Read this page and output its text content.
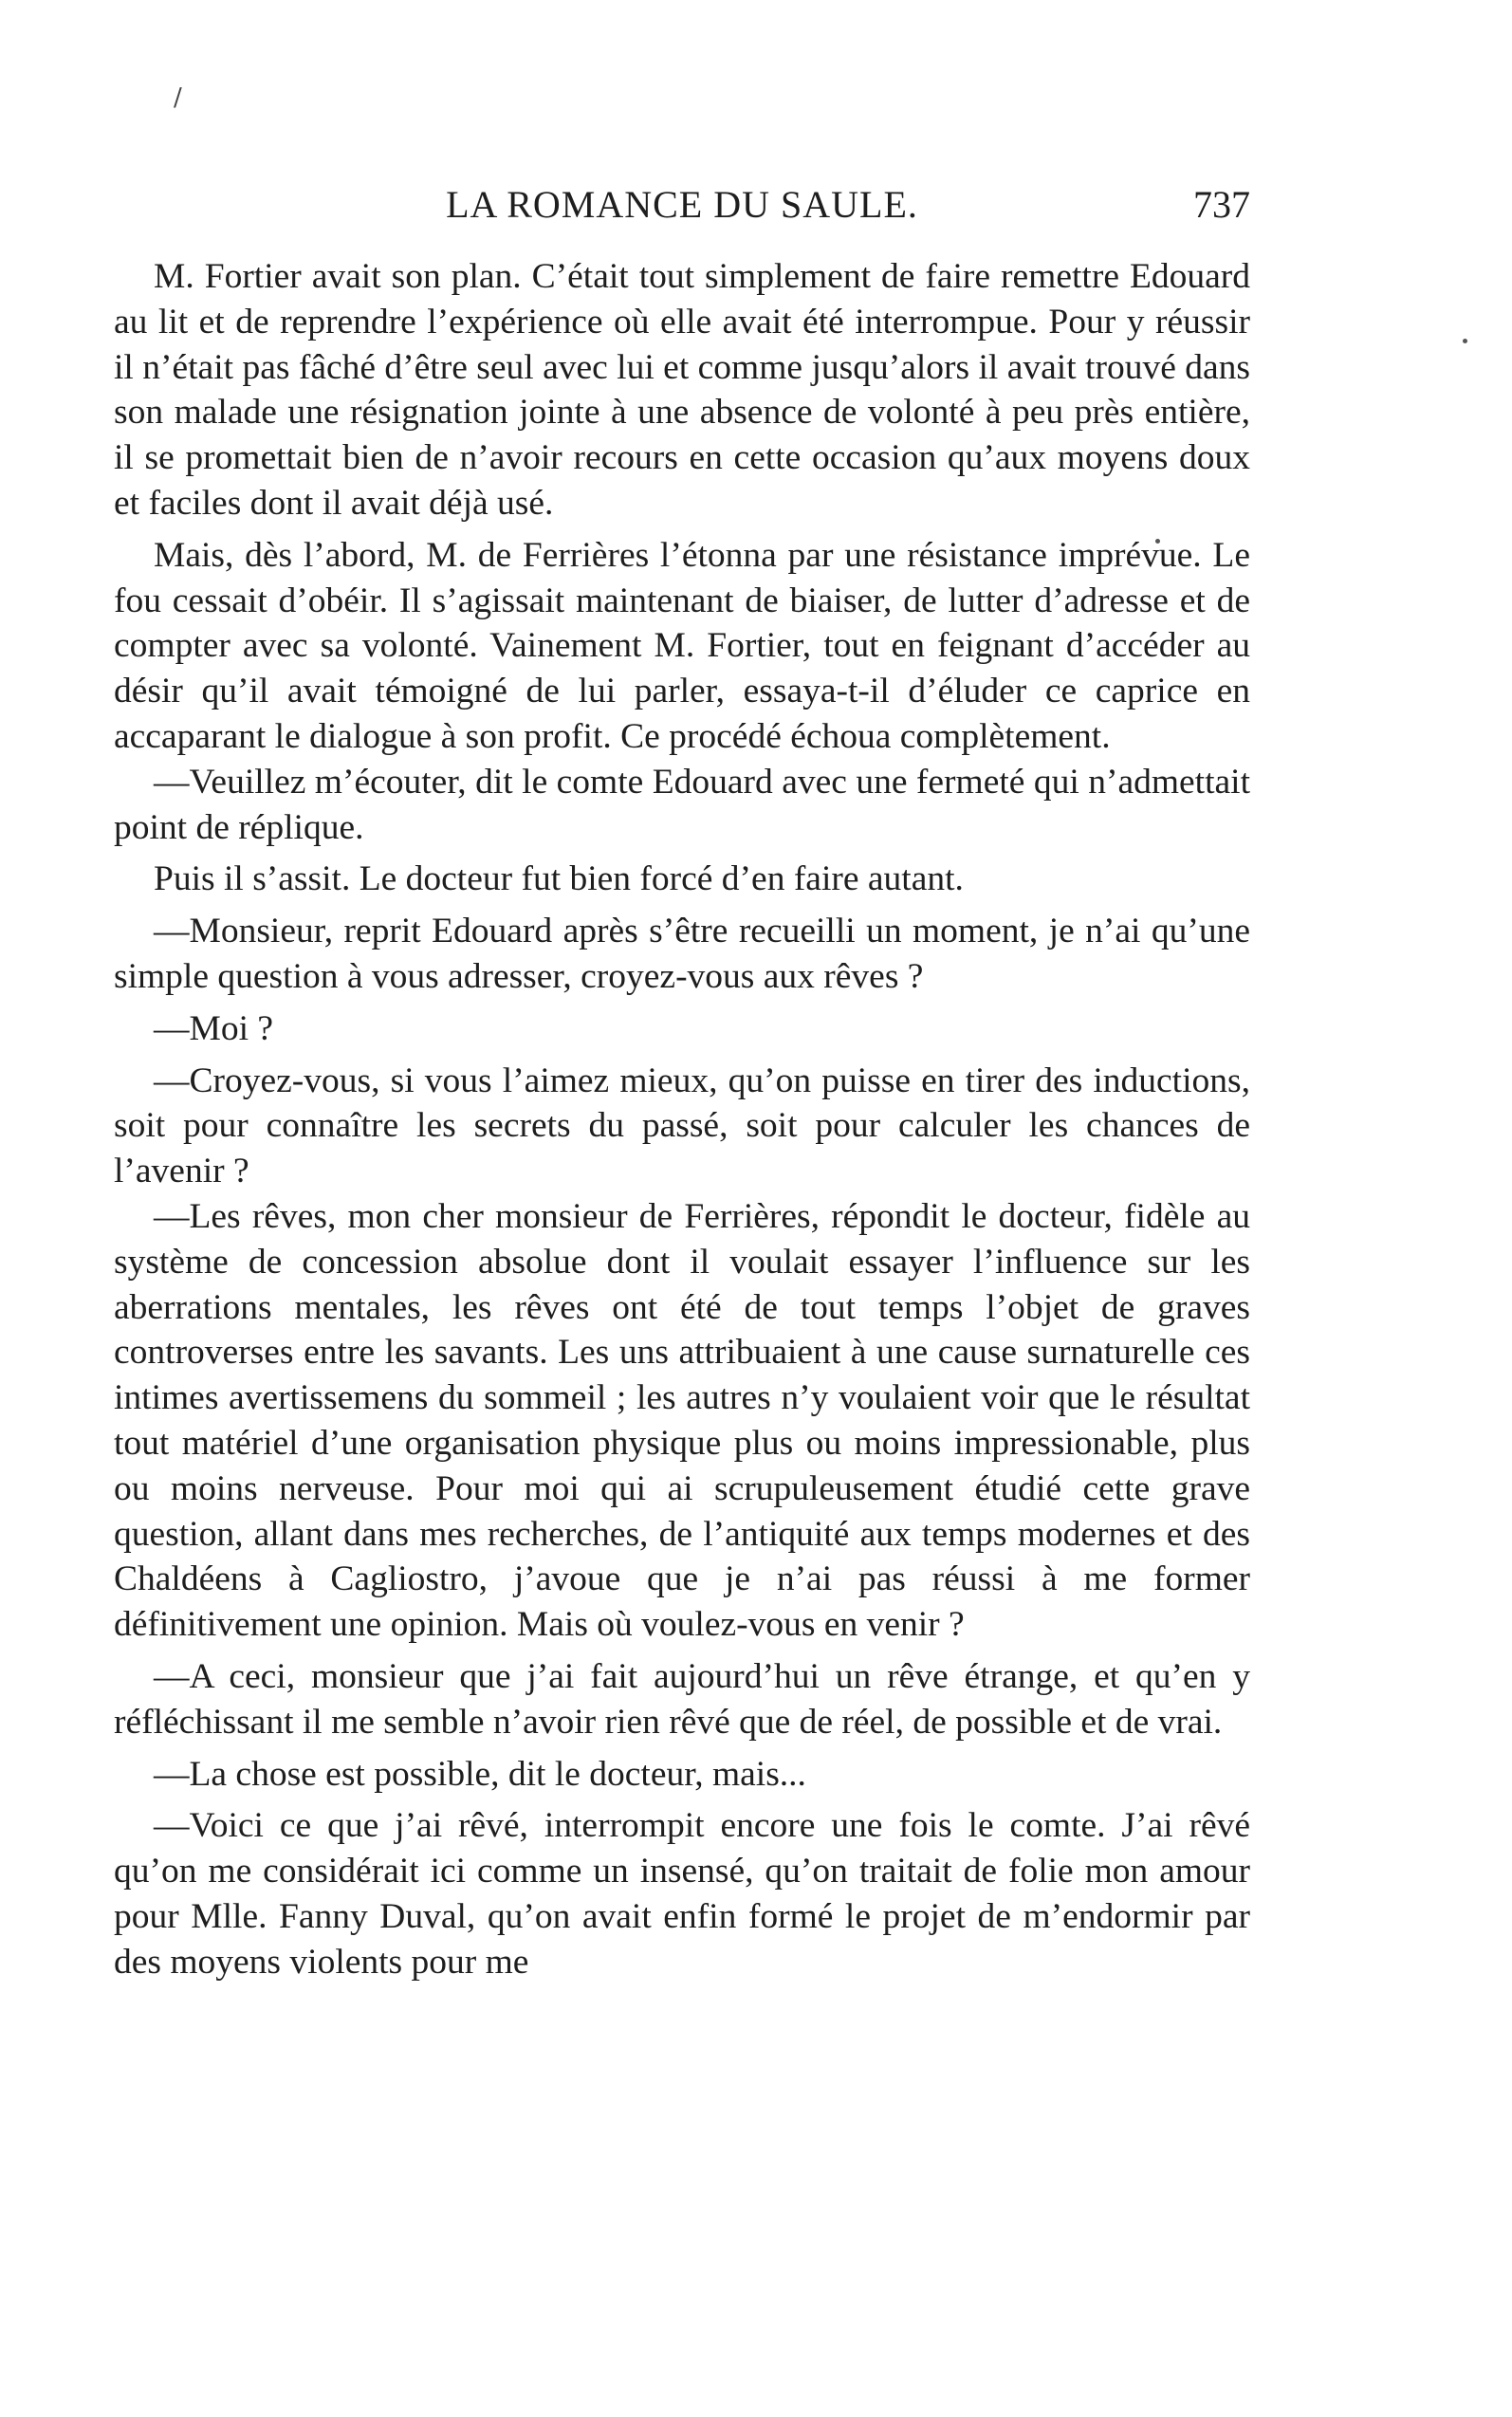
/
LA ROMANCE DU SAULE.	737

M. Fortier avait son plan. C’était tout simplement de faire remettre Edouard au lit et de reprendre l’expérience où elle avait été interrompue. Pour y réussir il n’était pas fâché d’être seul avec lui et comme jusqu’alors il avait trouvé dans son malade une résignation jointe à une absence de volonté à peu près entière, il se promettait bien de n’avoir recours en cette occasion qu’aux moyens doux et faciles dont il avait déjà usé.

Mais, dès l’abord, M. de Ferrières l’étonna par une résistance imprévue. Le fou cessait d’obéir. Il s’agissait maintenant de biaiser, de lutter d’adresse et de compter avec sa volonté. Vainement M. Fortier, tout en feignant d’accéder au désir qu’il avait témoigné de lui parler, essaya-t-il d’éluder ce caprice en accaparant le dialogue à son profit. Ce procédé échoua complètement.

—Veuillez m’écouter, dit le comte Edouard avec une fermeté qui n’admettait point de réplique.

Puis il s’assit. Le docteur fut bien forcé d’en faire autant.

—Monsieur, reprit Edouard après s’être recueilli un moment, je n’ai qu’une simple question à vous adresser, croyez-vous aux rêves ?

—Moi ?

—Croyez-vous, si vous l’aimez mieux, qu’on puisse en tirer des inductions, soit pour connaître les secrets du passé, soit pour calculer les chances de l’avenir ?

—Les rêves, mon cher monsieur de Ferrières, répondit le docteur, fidèle au système de concession absolue dont il voulait essayer l’influence sur les aberrations mentales, les rêves ont été de tout temps l’objet de graves controverses entre les savants. Les uns attribuaient à une cause surnaturelle ces intimes avertissemens du sommeil ; les autres n’y voulaient voir que le résultat tout matériel d’une organisation physique plus ou moins impressionable, plus ou moins nerveuse. Pour moi qui ai scrupuleusement étudié cette grave question, allant dans mes recherches, de l’antiquité aux temps modernes et des Chaldéens à Cagliostro, j’avoue que je n’ai pas réussi à me former définitivement une opinion. Mais où voulez-vous en venir ?

—A ceci, monsieur que j’ai fait aujourd’hui un rêve étrange, et qu’en y réfléchissant il me semble n’avoir rien rêvé que de réel, de possible et de vrai.

—La chose est possible, dit le docteur, mais...

—Voici ce que j’ai rêvé, interrompit encore une fois le comte. J’ai rêvé qu’on me considérait ici comme un insensé, qu’on traitait de folie mon amour pour Mlle. Fanny Duval, qu’on avait enfin formé le projet de m’endormir par des moyens violents pour me
